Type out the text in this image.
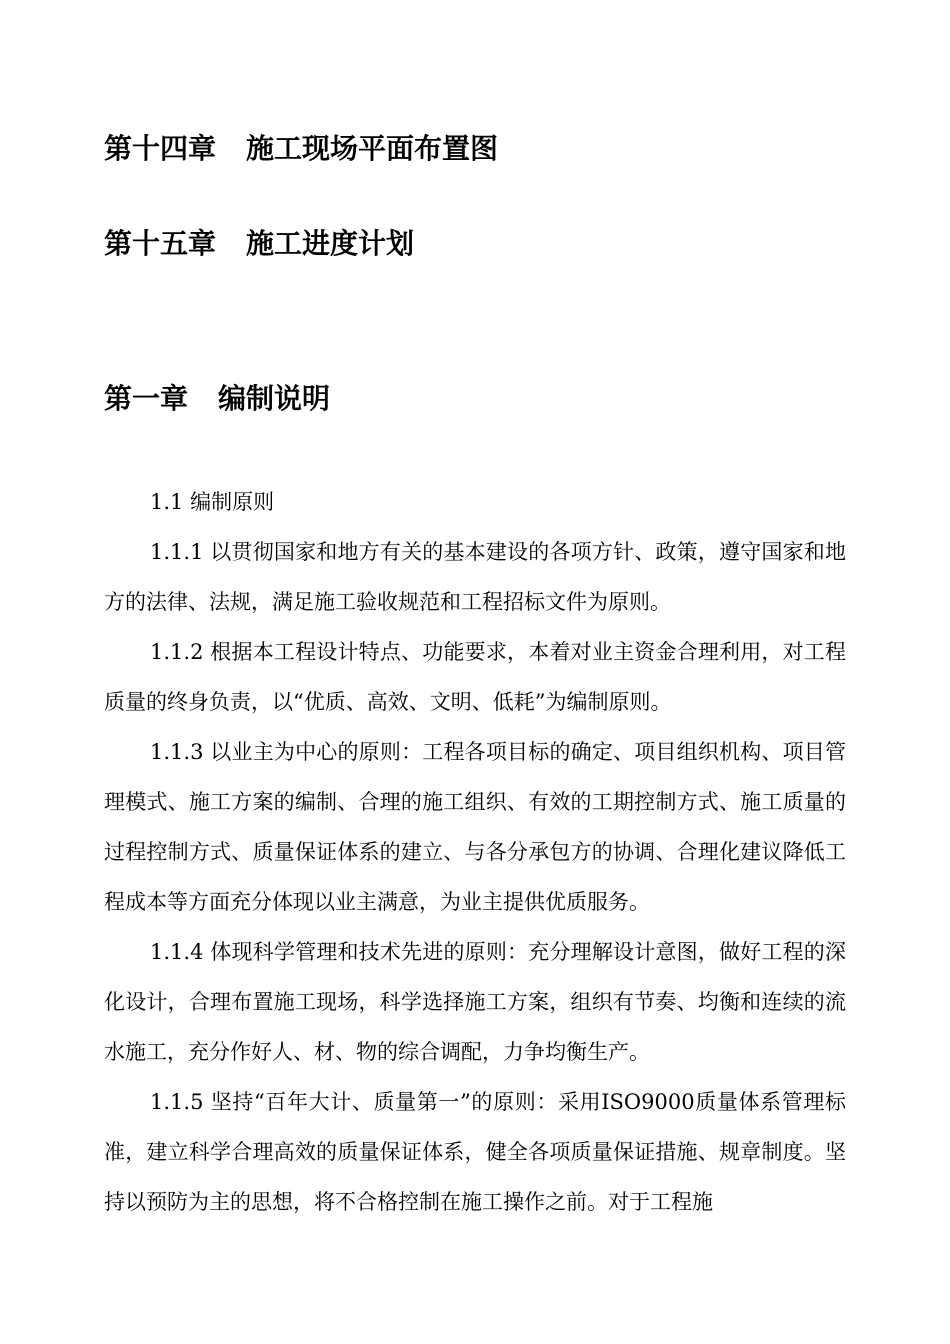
第十四章 施工现场平面布置图
第十五章 施工进度计划
第一章 编制说明

1.1 编制原则

1.1.1 以贯彻国家和地方有关的基本建设的各项方针、政策，遵守国家和地方的法律、法规，满足施工验收规范和工程招标文件为原则。

1.1.2 根据本工程设计特点、功能要求，本着对业主资金合理利用，对工程质量的终身负责，以“优质、高效、文明、低耗”为编制原则。

1.1.3 以业主为中心的原则：工程各项目标的确定、项目组织机构、项目管理模式、施工方案的编制、合理的施工组织、有效的工期控制方式、施工质量的过程控制方式、质量保证体系的建立、与各分承包方的协调、合理化建议降低工程成本等方面充分体现以业主满意，为业主提供优质服务。

1.1.4 体现科学管理和技术先进的原则：充分理解设计意图，做好工程的深化设计，合理布置施工现场，科学选择施工方案，组织有节奏、均衡和连续的流水施工，充分作好人、材、物的综合调配，力争均衡生产。

1.1.5 坚持“百年大计、质量第一”的原则：采用ISO9000质量体系管理标准，建立科学合理高效的质量保证体系，健全各项质量保证措施、规章制度。坚持以预防为主的思想，将不合格控制在施工操作之前。对于工程施
